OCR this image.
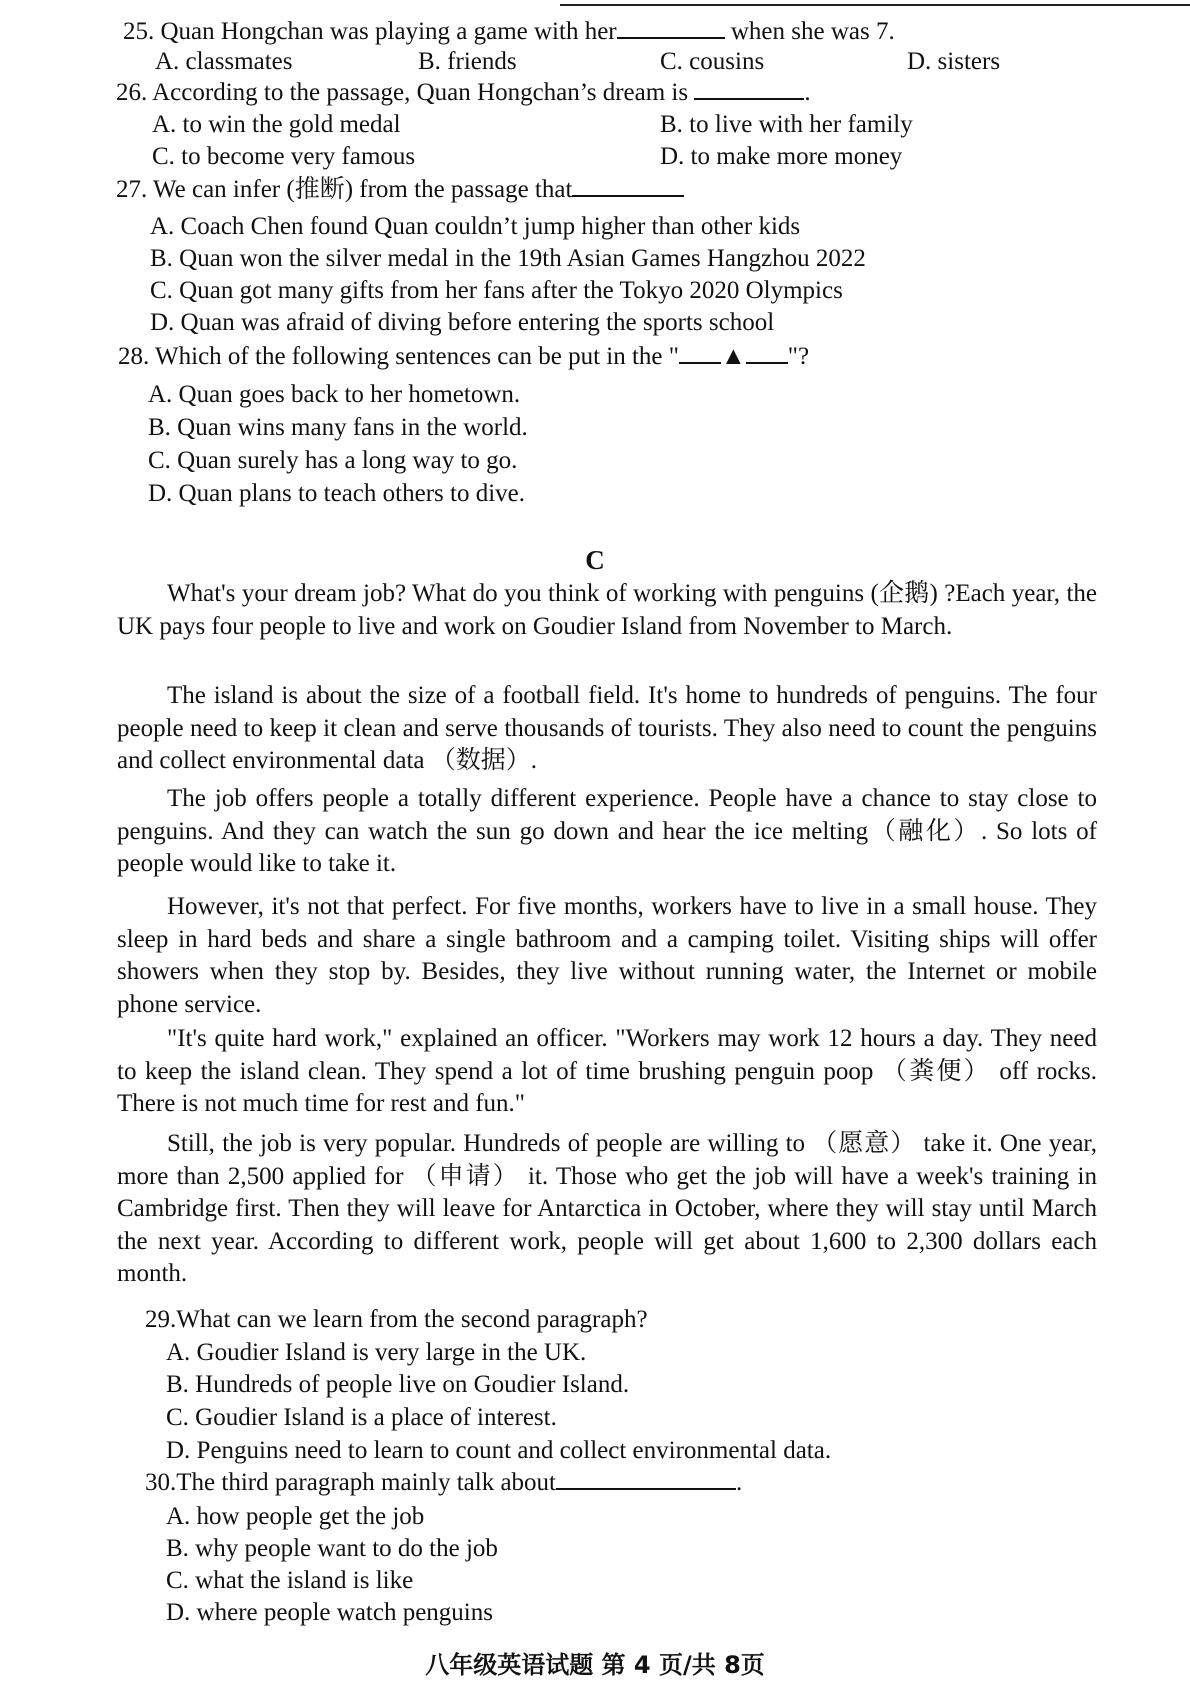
25. Quan Hongchan was playing a game with her	when she was 7.
A. classmates	B. friends	C. cousins	D. sisters
26. According to the passage, Quan Hongchan’s dream is	.
A. to win the gold medal	B. to live with her family
C. to become very famous	D. to make more money
27. We can infer (推断) from the passage that
A. Coach Chen found Quan couldn’t jump higher than other kids
B. Quan won the silver medal in the 19th Asian Games Hangzhou 2022
C. Quan got many gifts from her fans after the Tokyo 2020 Olympics
D. Quan was afraid of diving before entering the sports school
28. Which of the following sentences can be put in the " ▲ "?
A. Quan goes back to her hometown.
B. Quan wins many fans in the world.
C. Quan surely has a long way to go.
D. Quan plans to teach others to dive.
C
What's your dream job? What do you think of working with penguins (企鹅) ?Each year, the UK pays four people to live and work on Goudier Island from November to March.
The island is about the size of a football field. It's home to hundreds of penguins. The four people need to keep it clean and serve thousands of tourists. They also need to count the penguins and collect environmental data （数据）.
The job offers people a totally different experience. People have a chance to stay close to penguins. And they can watch the sun go down and hear the ice melting（融化）. So lots of people would like to take it.
However, it's not that perfect. For five months, workers have to live in a small house. They sleep in hard beds and share a single bathroom and a camping toilet. Visiting ships will offer showers when they stop by. Besides, they live without running water, the Internet or mobile phone service.
"It's quite hard work," explained an officer. "Workers may work 12 hours a day. They need to keep the island clean. They spend a lot of time brushing penguin poop （粪便） off rocks. There is not much time for rest and fun."
Still, the job is very popular. Hundreds of people are willing to （愿意） take it. One year, more than 2,500 applied for （申请） it. Those who get the job will have a week's training in Cambridge first. Then they will leave for Antarctica in October, where they will stay until March the next year. According to different work, people will get about 1,600 to 2,300 dollars each month.
29.What can we learn from the second paragraph?
A. Goudier Island is very large in the UK.
B. Hundreds of people live on Goudier Island.
C. Goudier Island is a place of interest.
D. Penguins need to learn to count and collect environmental data.
30.The third paragraph mainly talk about	.
A. how people get the job
B. why people want to do the job
C. what the island is like
D. where people watch penguins
八年级英语试题 第 4 页/共 8页
